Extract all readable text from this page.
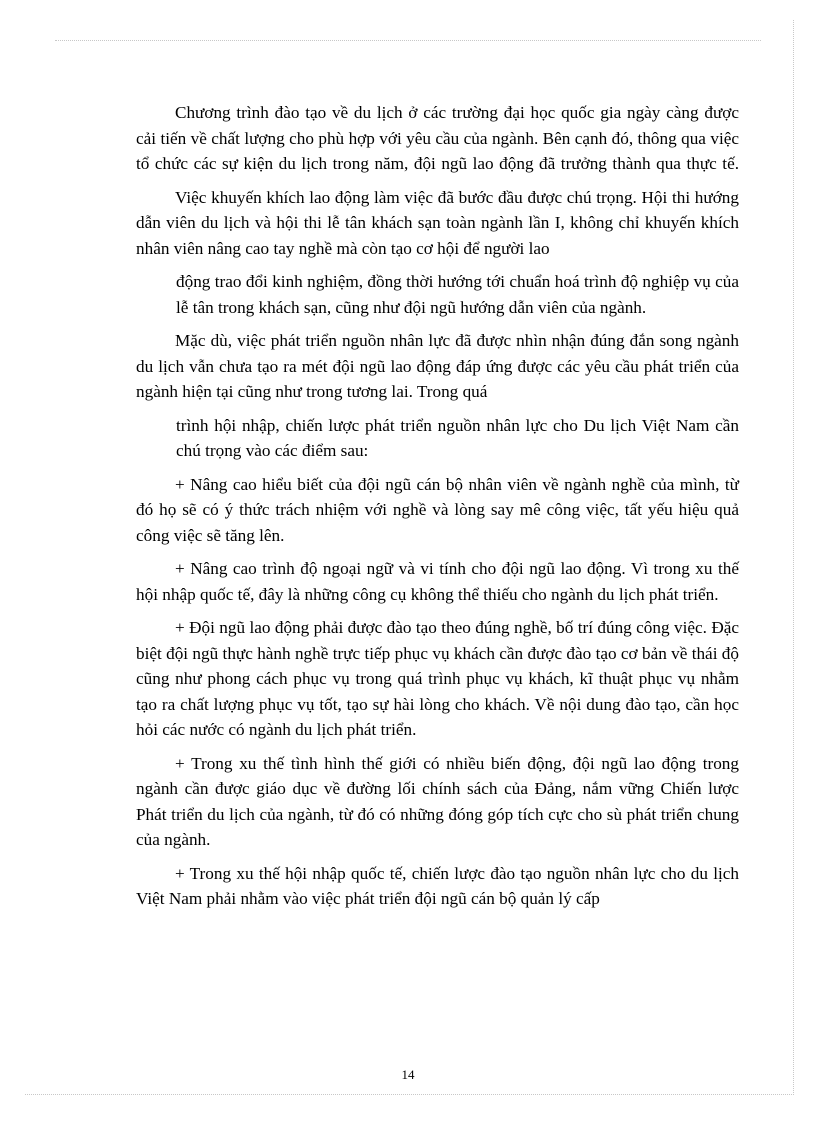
Chương trình đào tạo về du lịch ở các trường đại học quốc gia ngày càng được cải tiến về chất lượng cho phù hợp với yêu cầu của ngành. Bên cạnh đó, thông qua việc tổ chức các sự kiện du lịch trong năm, đội ngũ lao động đã trưởng thành qua thực tế.

Việc khuyến khích lao động làm việc đã bước đầu được chú trọng. Hội thi hướng dẫn viên du lịch và hội thi lễ tân khách sạn toàn ngành lần I, không chỉ khuyến khích nhân viên nâng cao tay nghề mà còn tạo cơ hội để người lao

động trao đổi kinh nghiệm, đồng thời hướng tới chuẩn hoá trình độ nghiệp vụ của lễ tân trong khách sạn, cũng như đội ngũ hướng dẫn viên của ngành.

Mặc dù, việc phát triển nguồn nhân lực đã được nhìn nhận đúng đắn song ngành du lịch vẫn chưa tạo ra mét đội ngũ lao động đáp ứng được các yêu cầu phát triển của ngành hiện tại cũng như trong tương lai. Trong quá

trình hội nhập, chiến lược phát triển nguồn nhân lực cho Du lịch Việt Nam cần chú trọng vào các điểm sau:

+ Nâng cao hiểu biết của đội ngũ cán bộ nhân viên về ngành nghề của mình, từ đó họ sẽ có ý thức trách nhiệm với nghề và lòng say mê công việc, tất yếu hiệu quả công việc sẽ tăng lên.

+ Nâng cao trình độ ngoại ngữ và vi tính cho đội ngũ lao động. Vì trong xu thế hội nhập quốc tế, đây là những công cụ không thể thiếu cho ngành du lịch phát triển.

+ Đội ngũ lao động phải được đào tạo theo đúng nghề, bố trí đúng công việc. Đặc biệt đội ngũ thực hành nghề trực tiếp phục vụ khách cần được đào tạo cơ bản về thái độ cũng như phong cách phục vụ trong quá trình phục vụ khách, kĩ thuật phục vụ nhằm tạo ra chất lượng phục vụ tốt, tạo sự hài lòng cho khách. Về nội dung đào tạo, cần học hỏi các nước có ngành du lịch phát triển.

+ Trong xu thế tình hình thế giới có nhiều biến động, đội ngũ lao động trong ngành cần được giáo dục về đường lối chính sách của Đảng, nắm vững Chiến lược Phát triển du lịch của ngành, từ đó có những đóng góp tích cực cho sù phát triển chung của ngành.

+ Trong xu thế hội nhập quốc tế, chiến lược đào tạo nguồn nhân lực cho du lịch Việt Nam phải nhằm vào việc phát triển đội ngũ cán bộ quản lý cấp

14
